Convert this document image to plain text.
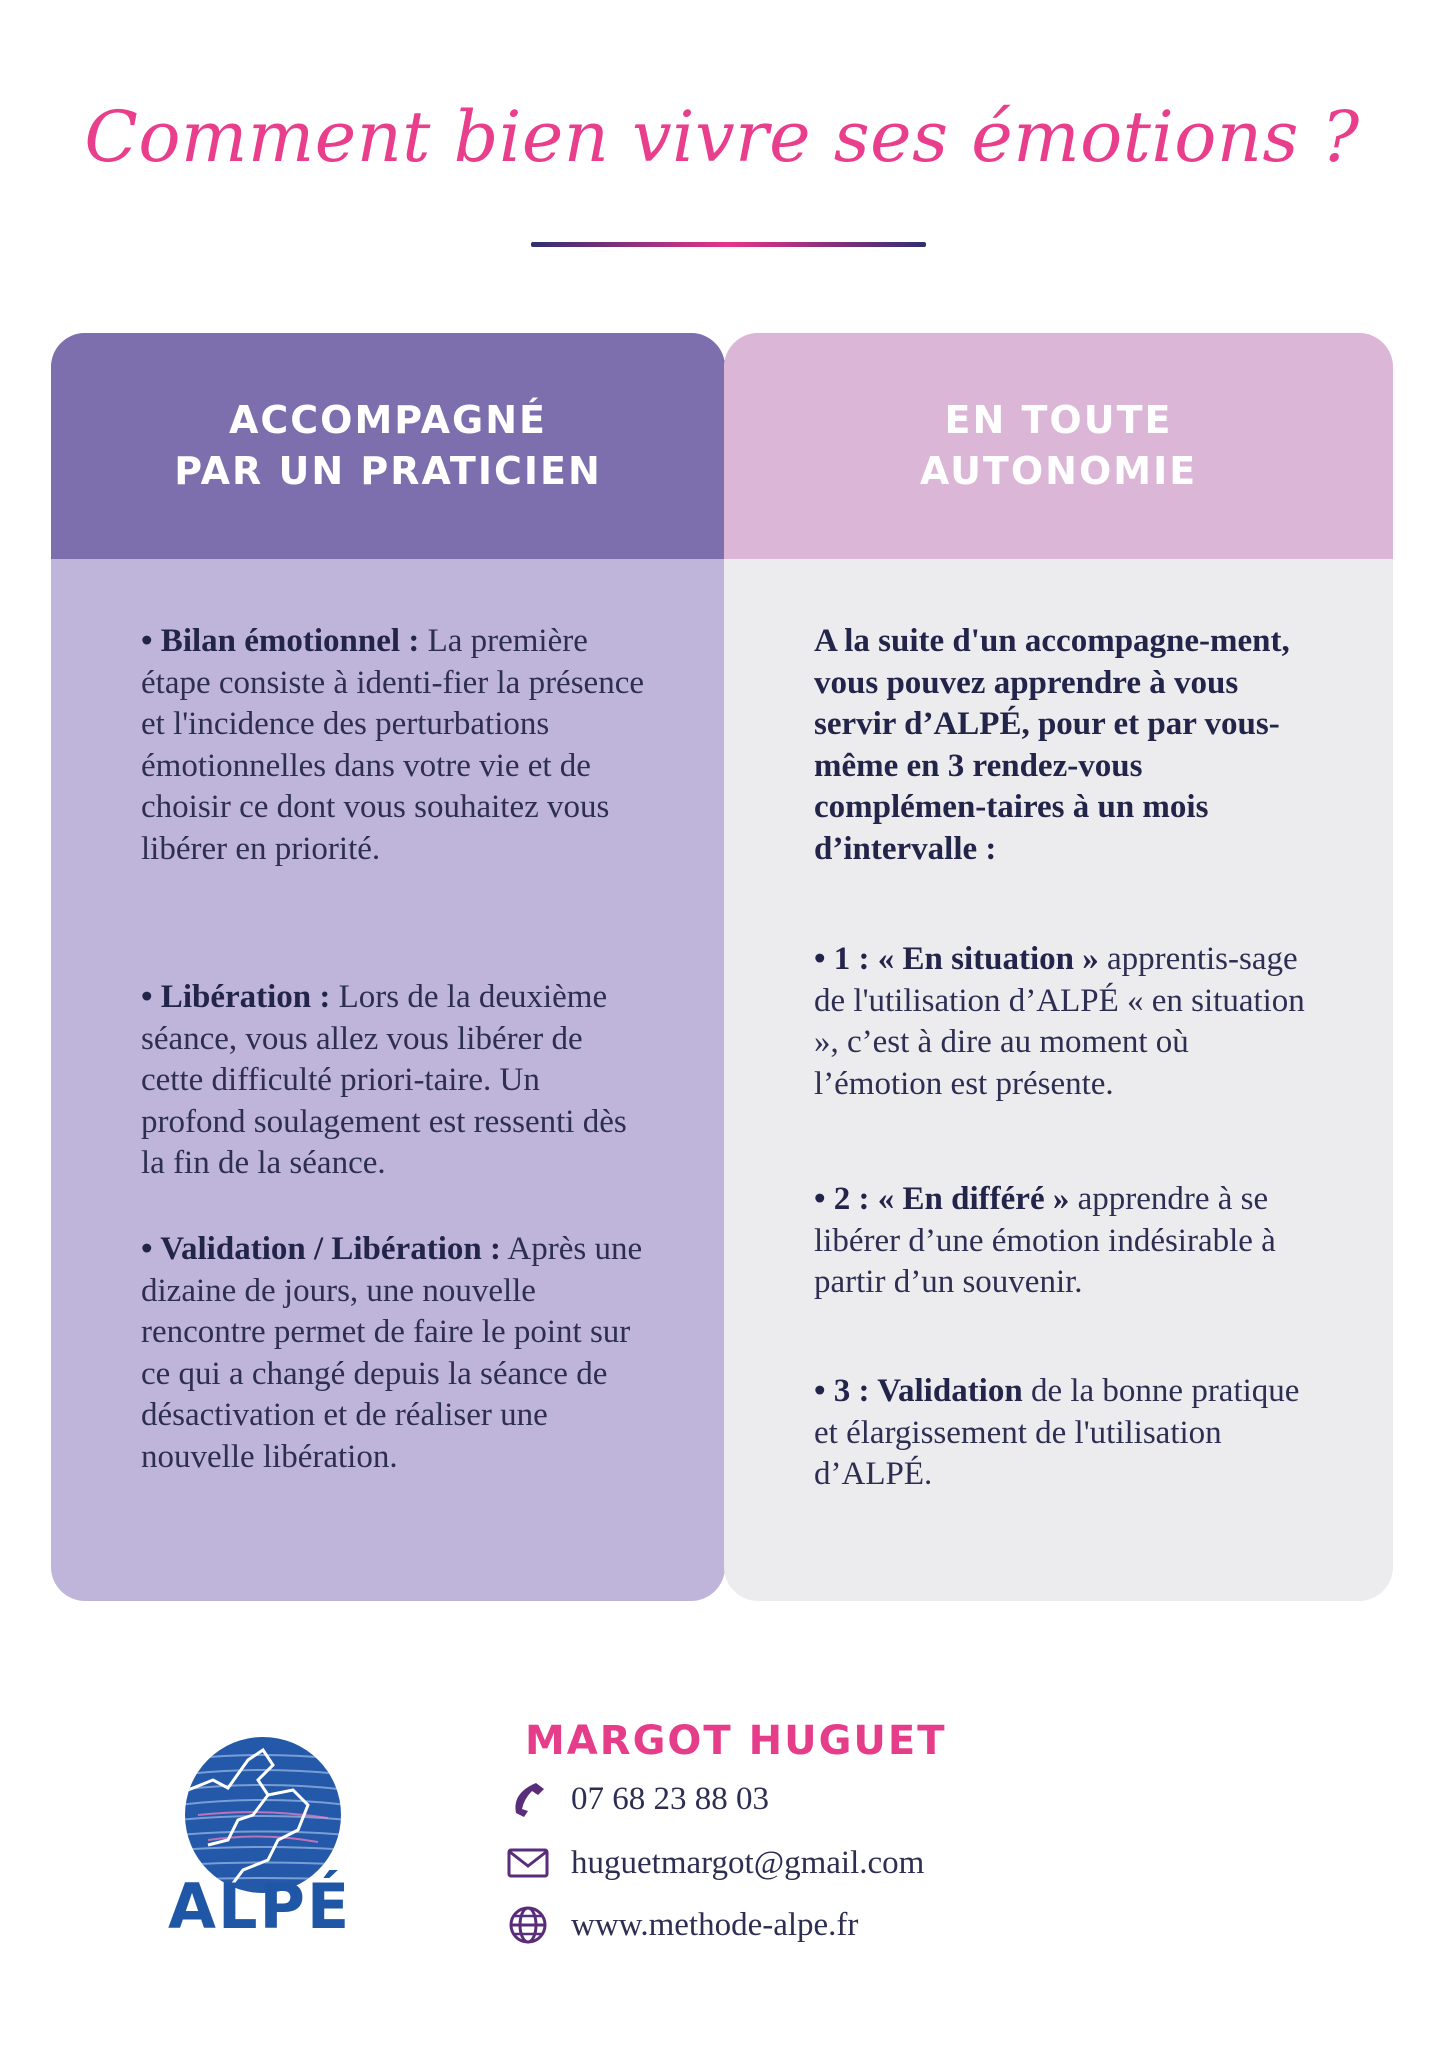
Comment bien vivre ses émotions ?
ACCOMPAGNÉ
PAR UN PRATICIEN
• Bilan émotionnel : La première étape consiste à identi-fier la présence et l'incidence des perturbations émotionnelles dans votre vie et de choisir ce dont vous souhaitez vous libérer en priorité.
• Libération : Lors de la deuxième séance, vous allez vous libérer de cette difficulté priori-taire. Un profond soulagement est ressenti dès la fin de la séance.
• Validation / Libération : Après une dizaine de jours, une nouvelle rencontre permet de faire le point sur ce qui a changé depuis la séance de désactivation et de réaliser une nouvelle libération.
EN TOUTE
AUTONOMIE
A la suite d'un accompagne-ment, vous pouvez apprendre à vous servir d’ALPÉ, pour et par vous-même en 3 rendez-vous complémen-taires à un mois d’intervalle :
• 1 : « En situation » apprentis-sage de l'utilisation d’ALPÉ « en situation », c’est à dire au moment où l’émotion est présente.
• 2 : « En différé » apprendre à se libérer d’une émotion indésirable à partir d’un souvenir.
• 3 : Validation de la bonne pratique et élargissement de l'utilisation d’ALPÉ.
ALPÉ
MARGOT HUGUET
07 68 23 88 03
huguetmargot@gmail.com
www.methode-alpe.fr
